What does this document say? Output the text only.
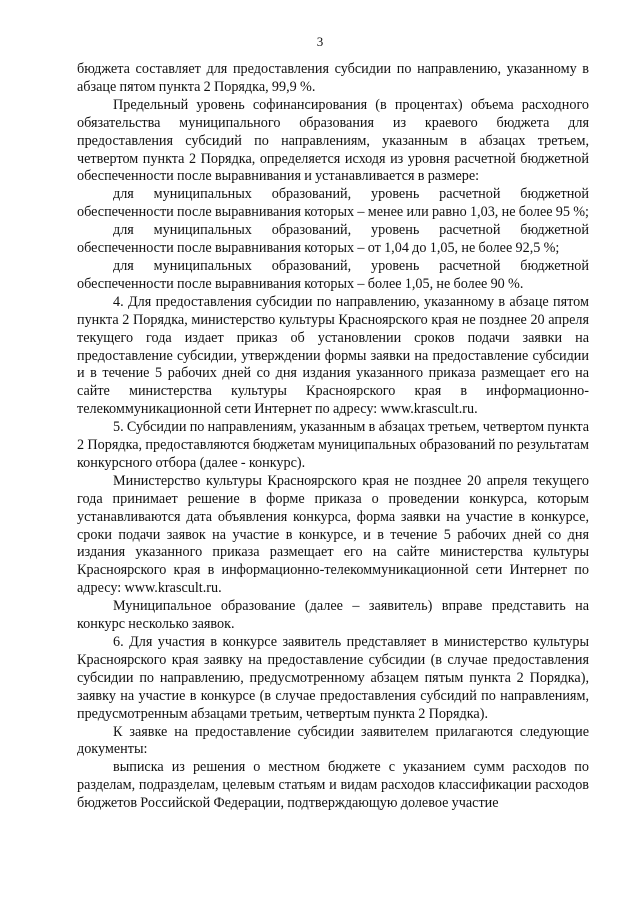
3

бюджета составляет для предоставления субсидии по направлению, указанному в абзаце пятом пункта 2 Порядка, 99,9 %.

Предельный уровень софинансирования (в процентах) объема расходного обязательства муниципального образования из краевого бюджета для предоставления субсидий по направлениям, указанным в абзацах третьем, четвертом пункта 2 Порядка, определяется исходя из уровня расчетной бюджетной обеспеченности после выравнивания и устанавливается в размере:

для муниципальных образований, уровень расчетной бюджетной обеспеченности после выравнивания которых – менее или равно 1,03, не более 95 %;

для муниципальных образований, уровень расчетной бюджетной обеспеченности после выравнивания которых – от 1,04 до 1,05, не более 92,5 %;

для муниципальных образований, уровень расчетной бюджетной обеспеченности после выравнивания которых – более 1,05, не более 90 %.

4. Для предоставления субсидии по направлению, указанному в абзаце пятом пункта 2 Порядка, министерство культуры Красноярского края не позднее 20 апреля текущего года издает приказ об установлении сроков подачи заявки на предоставление субсидии, утверждении формы заявки на предоставление субсидии и в течение 5 рабочих дней со дня издания указанного приказа размещает его на сайте министерства культуры Красноярского края в информационно-телекоммуникационной сети Интернет по адресу: www.krascult.ru.

5. Субсидии по направлениям, указанным в абзацах третьем, четвертом пункта 2 Порядка, предоставляются бюджетам муниципальных образований по результатам конкурсного отбора (далее - конкурс).

Министерство культуры Красноярского края не позднее 20 апреля текущего года принимает решение в форме приказа о проведении конкурса, которым устанавливаются дата объявления конкурса, форма заявки на участие в конкурсе, сроки подачи заявок на участие в конкурсе, и в течение 5 рабочих дней со дня издания указанного приказа размещает его на сайте министерства культуры Красноярского края в информационно-телекоммуникационной сети Интернет по адресу: www.krascult.ru.

Муниципальное образование (далее – заявитель) вправе представить на конкурс несколько заявок.

6. Для участия в конкурсе заявитель представляет в министерство культуры Красноярского края заявку на предоставление субсидии (в случае предоставления субсидии по направлению, предусмотренному абзацем пятым пункта 2 Порядка), заявку на участие в конкурсе (в случае предоставления субсидий по направлениям, предусмотренным абзацами третьим, четвертым пункта 2 Порядка).

К заявке на предоставление субсидии заявителем прилагаются следующие документы:

выписка из решения о местном бюджете с указанием сумм расходов по разделам, подразделам, целевым статьям и видам расходов классификации расходов бюджетов Российской Федерации, подтверждающую долевое участие
